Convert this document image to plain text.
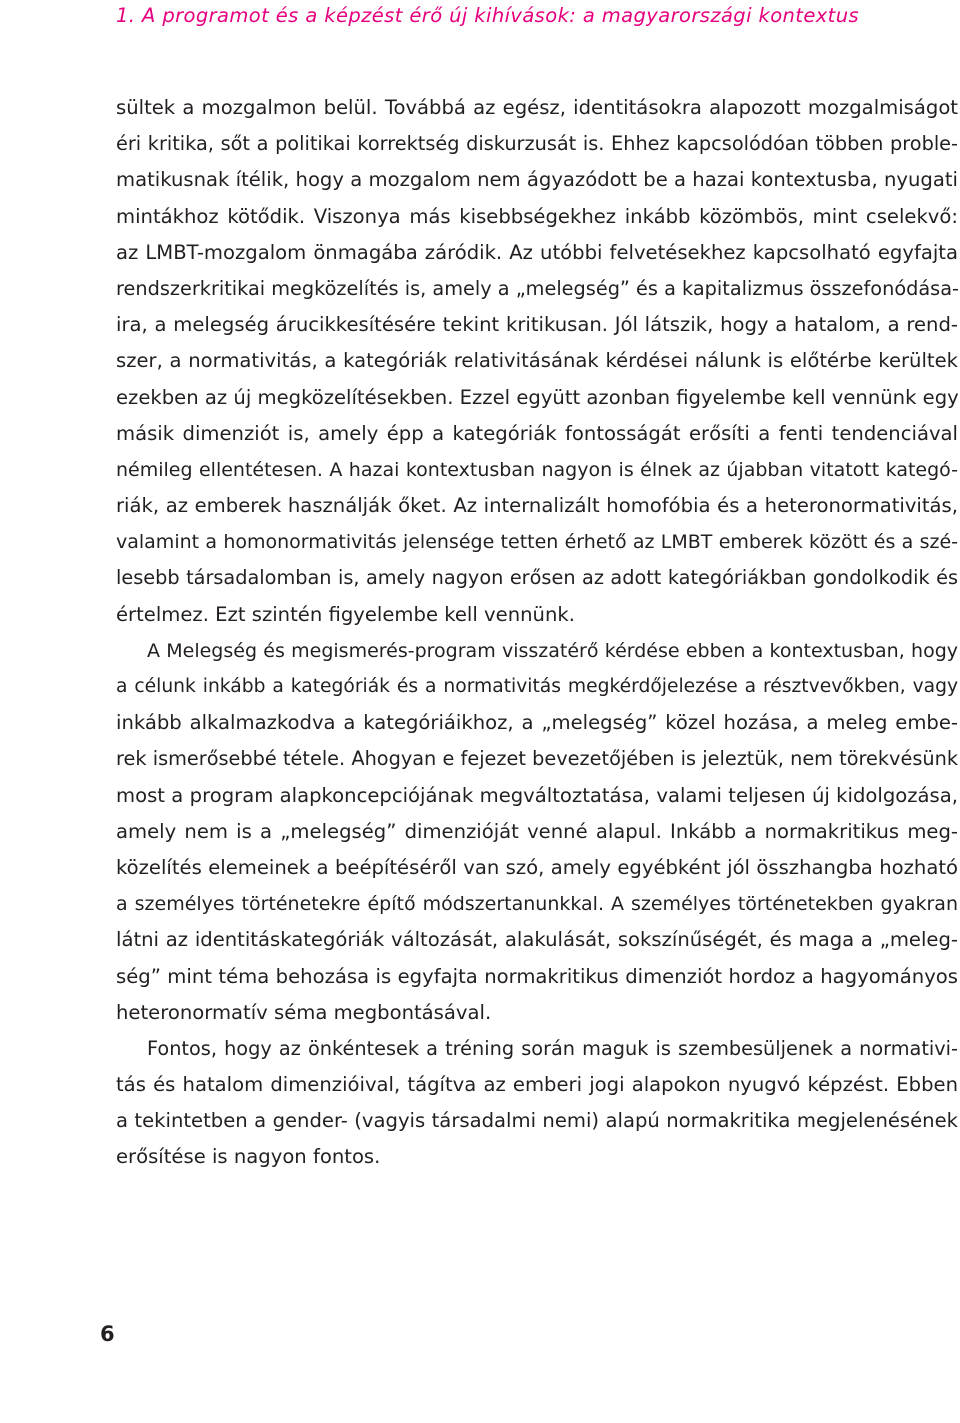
1. A programot és a képzést érő új kihívások: a magyarországi kontextus
sültek a mozgalmon belül. Továbbá az egész, identitásokra alapozott mozgalmiságot
éri kritika, sőt a politikai korrektség diskurzusát is. Ehhez kapcsolódóan többen proble-
matikusnak ítélik, hogy a mozgalom nem ágyazódott be a hazai kontextusba, nyugati
mintákhoz kötődik. Viszonya más kisebbségekhez inkább közömbös, mint cselekvő:
az LMBT-mozgalom önmagába záródik. Az utóbbi felvetésekhez kapcsolható egyfajta
rendszerkritikai megközelítés is, amely a „melegség” és a kapitalizmus összefonódása-
ira, a melegség árucikkesítésére tekint kritikusan. Jól látszik, hogy a hatalom, a rend-
szer, a normativitás, a kategóriák relativitásának kérdései nálunk is előtérbe kerültek
ezekben az új megközelítésekben. Ezzel együtt azonban figyelembe kell vennünk egy
másik dimenziót is, amely épp a kategóriák fontosságát erősíti a fenti tendenciával
némileg ellentétesen. A hazai kontextusban nagyon is élnek az újabban vitatott kategó-
riák, az emberek használják őket. Az internalizált homofóbia és a heteronormativitás,
valamint a homonormativitás jelensége tetten érhető az LMBT emberek között és a szé-
lesebb társadalomban is, amely nagyon erősen az adott kategóriákban gondolkodik és
értelmez. Ezt szintén figyelembe kell vennünk.
A Melegség és megismerés-program visszatérő kérdése ebben a kontextusban, hogy
a célunk inkább a kategóriák és a normativitás megkérdőjelezése a résztvevőkben, vagy
inkább alkalmazkodva a kategóriáikhoz, a „melegség” közel hozása, a meleg embe-
rek ismerősebbé tétele. Ahogyan e fejezet bevezetőjében is jeleztük, nem törekvésünk
most a program alapkoncepciójának megváltoztatása, valami teljesen új kidolgozása,
amely nem is a „melegség” dimenzióját venné alapul. Inkább a normakritikus meg-
közelítés elemeinek a beépítéséről van szó, amely egyébként jól összhangba hozható
a személyes történetekre építő módszertanunkkal. A személyes történetekben gyakran
látni az identitáskategóriák változását, alakulását, sokszínűségét, és maga a „meleg-
ség” mint téma behozása is egyfajta normakritikus dimenziót hordoz a hagyományos
heteronormatív séma megbontásával.
Fontos, hogy az önkéntesek a tréning során maguk is szembesüljenek a normativi-
tás és hatalom dimenzióival, tágítva az emberi jogi alapokon nyugvó képzést. Ebben
a tekintetben a gender- (vagyis társadalmi nemi) alapú normakritika megjelenésének
erősítése is nagyon fontos.
6
